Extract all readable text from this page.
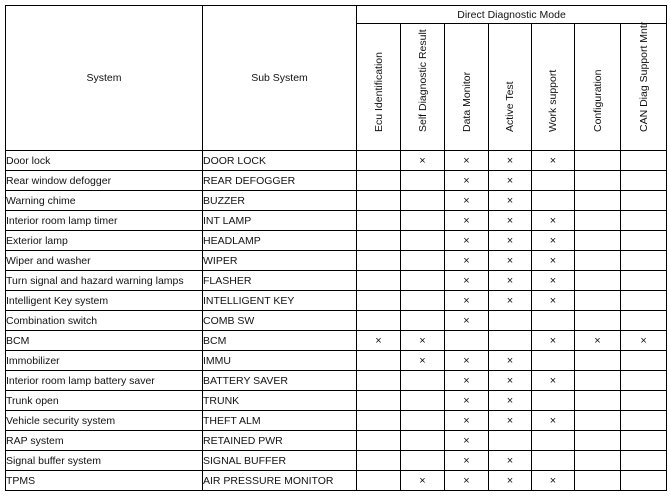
System	Sub System	Direct Diagnostic Mode						

		Ecu Identification	Self Diagnostic Result	Data Monitor	Active Test	Work support	Configuration	CAN Diag Support Mntr

Door lock	DOOR LOCK		×	×	×	×		
Rear window defogger	REAR DEFOGGER			×	×			
Warning chime	BUZZER			×	×			
Interior room lamp timer	INT LAMP			×	×	×		
Exterior lamp	HEADLAMP			×	×	×		
Wiper and washer	WIPER			×	×	×		
Turn signal and hazard warning lamps	FLASHER			×	×	×		
Intelligent Key system	INTELLIGENT KEY			×	×	×		
Combination switch	COMB SW			×				
BCM	BCM	×	×			×	×	×
Immobilizer	IMMU		×	×	×			
Interior room lamp battery saver	BATTERY SAVER			×	×	×		
Trunk open	TRUNK			×	×			
Vehicle security system	THEFT ALM			×	×	×		
RAP system	RETAINED PWR			×				
Signal buffer system	SIGNAL BUFFER			×	×			
TPMS	AIR PRESSURE MONITOR		×	×	×	×		
